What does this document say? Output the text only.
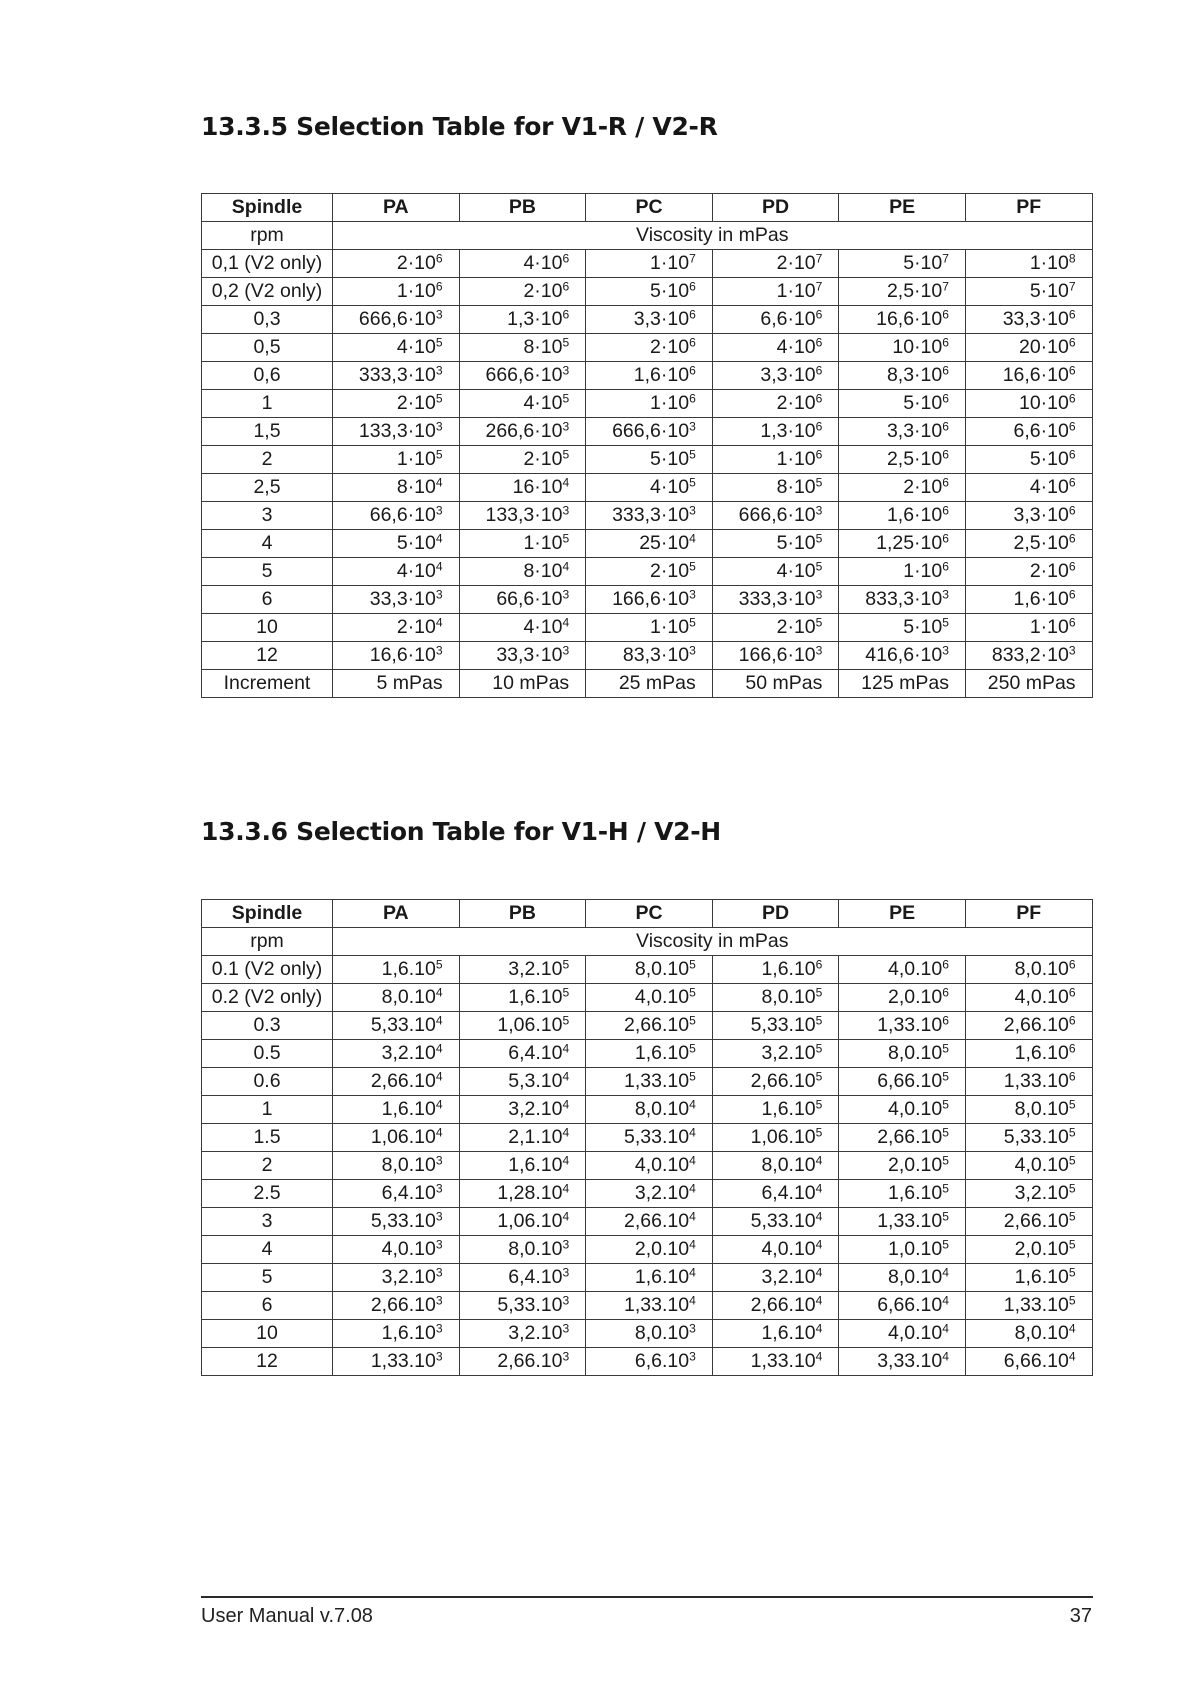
13.3.5 Selection Table for V1-R / V2-R
Spindle	PA	PB	PC	PD	PE	PF
rpm	Viscosity in mPas					
0,1 (V2 only)	$2\cdot 10^6$	$4\cdot 10^6$	$1\cdot 10^7$	$2\cdot 10^7$	$5\cdot 10^7$	$1\cdot 10^8$
0,2 (V2 only)	$1\cdot 10^6$	$2\cdot 10^6$	$5\cdot 10^6$	$1\cdot 10^7$	$2,5\cdot 10^7$	$5\cdot 10^7$
0,3	$666,6\cdot 10^3$	$1,3\cdot 10^6$	$3,3\cdot 10^6$	$6,6\cdot 10^6$	$16,6\cdot 10^6$	$33,3\cdot 10^6$
0,5	$4\cdot 10^5$	$8\cdot 10^5$	$2\cdot 10^6$	$4\cdot 10^6$	$10\cdot 10^6$	$20\cdot 10^6$
0,6	$333,3\cdot 10^3$	$666,6\cdot 10^3$	$1,6\cdot 10^6$	$3,3\cdot 10^6$	$8,3\cdot 10^6$	$16,6\cdot 10^6$
1	$2\cdot 10^5$	$4\cdot 10^5$	$1\cdot 10^6$	$2\cdot 10^6$	$5\cdot 10^6$	$10\cdot 10^6$
1,5	$133,3\cdot 10^3$	$266,6\cdot 10^3$	$666,6\cdot 10^3$	$1,3\cdot 10^6$	$3,3\cdot 10^6$	$6,6\cdot 10^6$
2	$1\cdot 10^5$	$2\cdot 10^5$	$5\cdot 10^5$	$1\cdot 10^6$	$2,5\cdot 10^6$	$5\cdot 10^6$
2,5	$8\cdot 10^4$	$16\cdot 10^4$	$4\cdot 10^5$	$8\cdot 10^5$	$2\cdot 10^6$	$4\cdot 10^6$
3	$66,6\cdot 10^3$	$133,3\cdot 10^3$	$333,3\cdot 10^3$	$666,6\cdot 10^3$	$1,6\cdot 10^6$	$3,3\cdot 10^6$
4	$5\cdot 10^4$	$1\cdot 10^5$	$25\cdot 10^4$	$5\cdot 10^5$	$1,25\cdot 10^6$	$2,5\cdot 10^6$
5	$4\cdot 10^4$	$8\cdot 10^4$	$2\cdot 10^5$	$4\cdot 10^5$	$1\cdot 10^6$	$2\cdot 10^6$
6	$33,3\cdot 10^3$	$66,6\cdot 10^3$	$166,6\cdot 10^3$	$333,3\cdot 10^3$	$833,3\cdot 10^3$	$1,6\cdot 10^6$
10	$2\cdot 10^4$	$4\cdot 10^4$	$1\cdot 10^5$	$2\cdot 10^5$	$5\cdot 10^5$	$1\cdot 10^6$
12	$16,6\cdot 10^3$	$33,3\cdot 10^3$	$83,3\cdot 10^3$	$166,6\cdot 10^3$	$416,6\cdot 10^3$	$833,2\cdot 10^3$
Increment	5 mPas	10 mPas	25 mPas	50 mPas	125 mPas	250 mPas
13.3.6 Selection Table for V1-H / V2-H
Spindle	PA	PB	PC	PD	PE	PF
rpm	Viscosity in mPas					
0.1 (V2 only)	1,6.10$^5$	3,2.10$^5$	8,0.10$^5$	1,6.10$^6$	4,0.10$^6$	8,0.10$^6$
0.2 (V2 only)	8,0.10$^4$	1,6.10$^5$	4,0.10$^5$	8,0.10$^5$	2,0.10$^6$	4,0.10$^6$
0.3	5,33.10$^4$	1,06.10$^5$	2,66.10$^5$	5,33.10$^5$	1,33.10$^6$	2,66.10$^6$
0.5	3,2.10$^4$	6,4.10$^4$	1,6.10$^5$	3,2.10$^5$	8,0.10$^5$	1,6.10$^6$
0.6	2,66.10$^4$	5,3.10$^4$	1,33.10$^5$	2,66.10$^5$	6,66.10$^5$	1,33.10$^6$
1	1,6.10$^4$	3,2.10$^4$	8,0.10$^4$	1,6.10$^5$	4,0.10$^5$	8,0.10$^5$
1.5	1,06.10$^4$	2,1.10$^4$	5,33.10$^4$	1,06.10$^5$	2,66.10$^5$	5,33.10$^5$
2	8,0.10$^3$	1,6.10$^4$	4,0.10$^4$	8,0.10$^4$	2,0.10$^5$	4,0.10$^5$
2.5	6,4.10$^3$	1,28.10$^4$	3,2.10$^4$	6,4.10$^4$	1,6.10$^5$	3,2.10$^5$
3	5,33.10$^3$	1,06.10$^4$	2,66.10$^4$	5,33.10$^4$	1,33.10$^5$	2,66.10$^5$
4	4,0.10$^3$	8,0.10$^3$	2,0.10$^4$	4,0.10$^4$	1,0.10$^5$	2,0.10$^5$
5	3,2.10$^3$	6,4.10$^3$	1,6.10$^4$	3,2.10$^4$	8,0.10$^4$	1,6.10$^5$
6	2,66.10$^3$	5,33.10$^3$	1,33.10$^4$	2,66.10$^4$	6,66.10$^4$	1,33.10$^5$
10	1,6.10$^3$	3,2.10$^3$	8,0.10$^3$	1,6.10$^4$	4,0.10$^4$	8,0.10$^4$
12	1,33.10$^3$	2,66.10$^3$	6,6.10$^3$	1,33.10$^4$	3,33.10$^4$	6,66.10$^4$
User Manual v.7.08	37
